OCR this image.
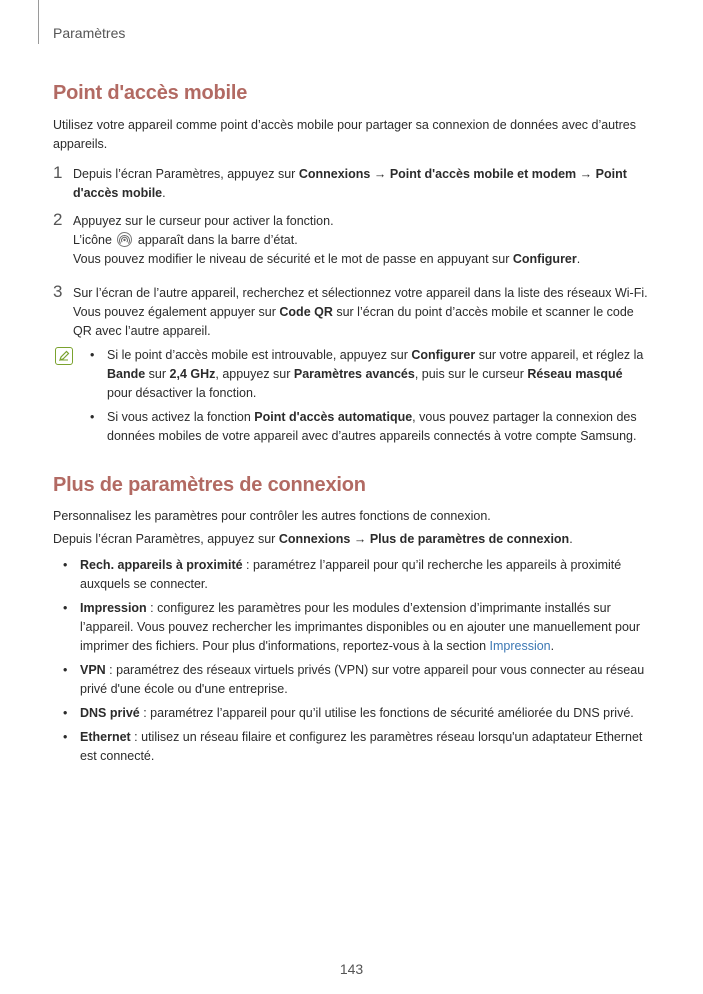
Paramètres
Point d'accès mobile
Utilisez votre appareil comme point d’accès mobile pour partager sa connexion de données avec d’autres appareils.
1 Depuis l’écran Paramètres, appuyez sur Connexions → Point d'accès mobile et modem → Point d'accès mobile.
2 Appuyez sur le curseur pour activer la fonction.
L’icône
apparaît dans la barre d’état.
Vous pouvez modifier le niveau de sécurité et le mot de passe en appuyant sur Configurer.
3 Sur l’écran de l’autre appareil, recherchez et sélectionnez votre appareil dans la liste des réseaux Wi-Fi.
Vous pouvez également appuyer sur Code QR sur l’écran du point d’accès mobile et scanner le code QR avec l’autre appareil.
• Si le point d’accès mobile est introuvable, appuyez sur Configurer sur votre appareil, et réglez la Bande sur 2,4 GHz, appuyez sur Paramètres avancés, puis sur le curseur Réseau masqué pour désactiver la fonction.
• Si vous activez la fonction Point d'accès automatique, vous pouvez partager la connexion des données mobiles de votre appareil avec d’autres appareils connectés à votre compte Samsung.
Plus de paramètres de connexion
Personnalisez les paramètres pour contrôler les autres fonctions de connexion.
Depuis l’écran Paramètres, appuyez sur Connexions → Plus de paramètres de connexion.
• Rech. appareils à proximité : paramétrez l’appareil pour qu’il recherche les appareils à proximité auxquels se connecter.
• Impression : configurez les paramètres pour les modules d’extension d’imprimante installés sur l’appareil. Vous pouvez rechercher les imprimantes disponibles ou en ajouter une manuellement pour imprimer des fichiers. Pour plus d'informations, reportez-vous à la section Impression.
• VPN : paramétrez des réseaux virtuels privés (VPN) sur votre appareil pour vous connecter au réseau privé d'une école ou d'une entreprise.
• DNS privé : paramétrez l’appareil pour qu’il utilise les fonctions de sécurité améliorée du DNS privé.
• Ethernet : utilisez un réseau filaire et configurez les paramètres réseau lorsqu'un adaptateur Ethernet est connecté.
143
